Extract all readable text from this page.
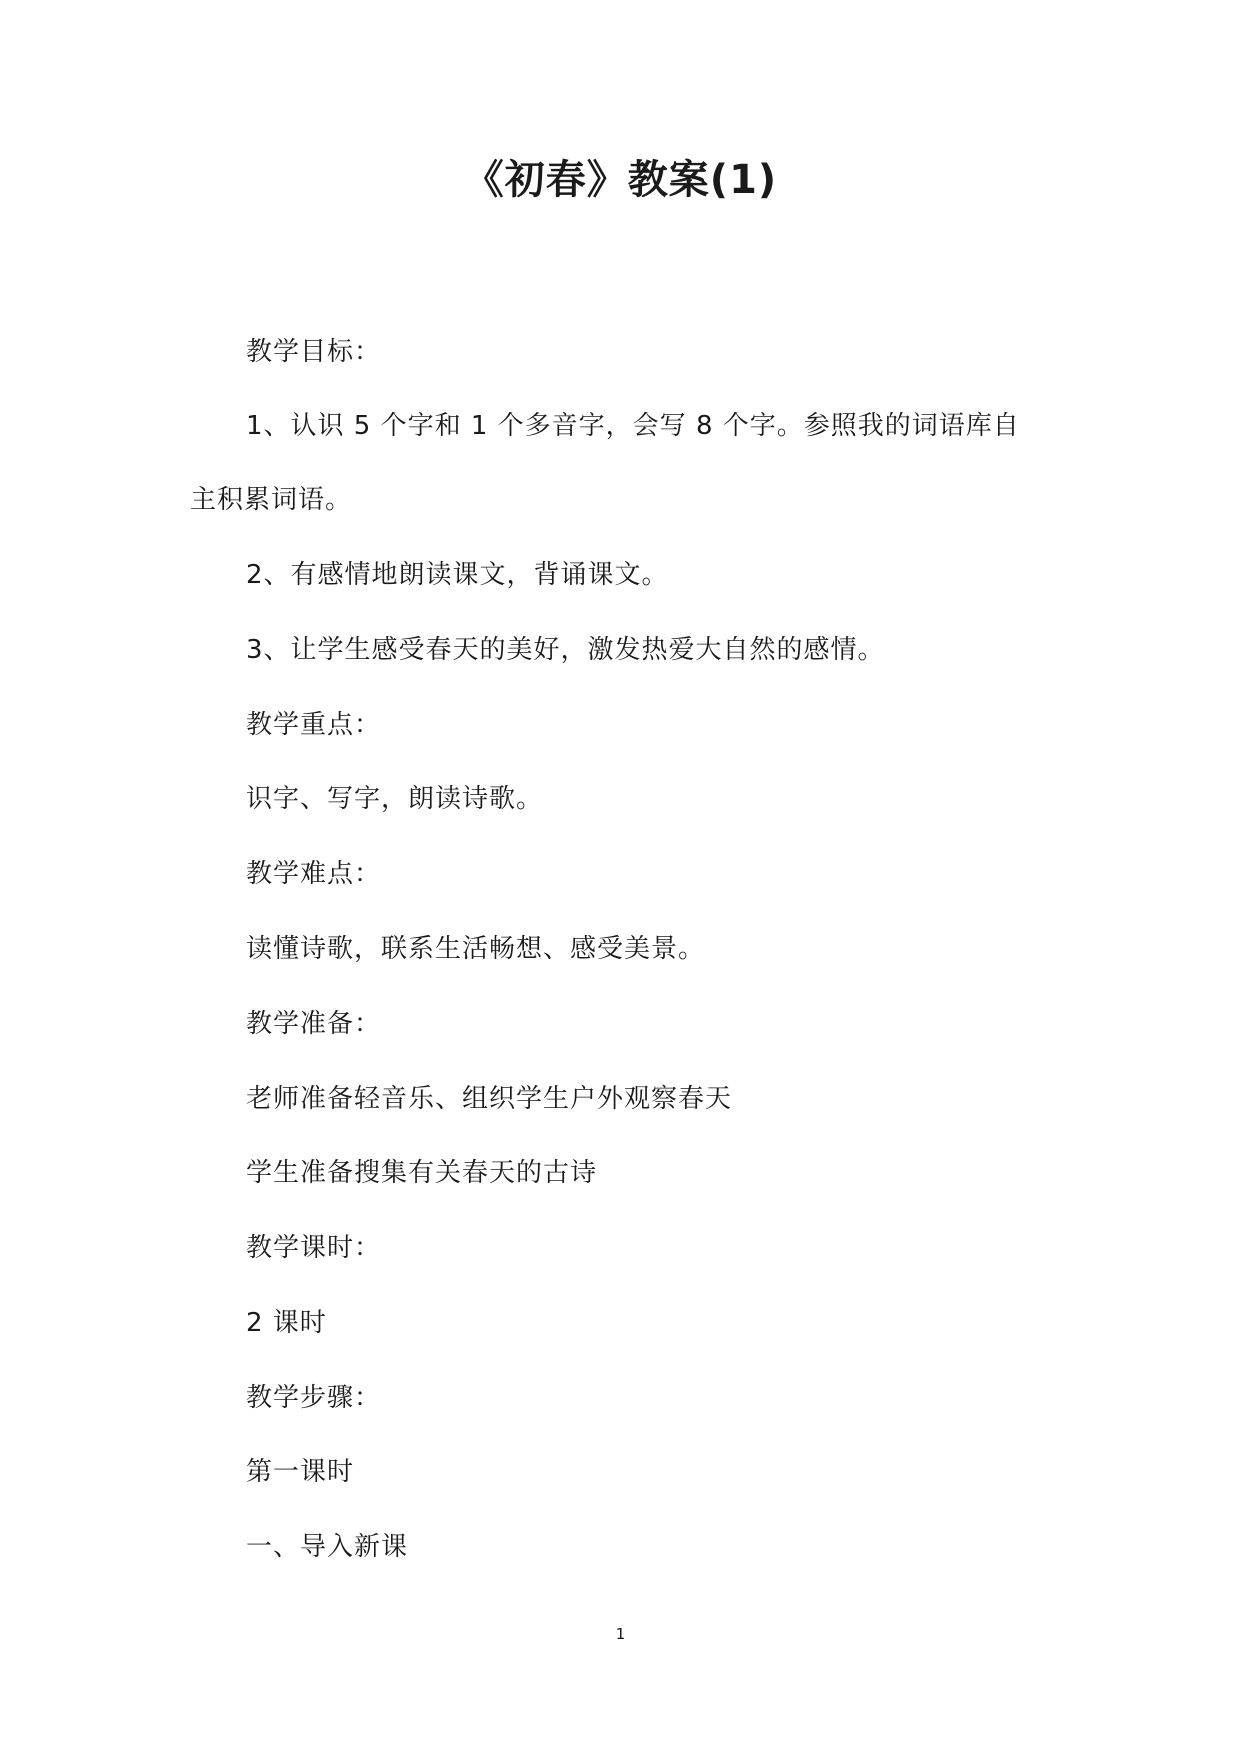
《初春》教案(1)
教学目标：
1、认识 5 个字和 1 个多音字，会写 8 个字。参照我的词语库自
主积累词语。
2、有感情地朗读课文，背诵课文。
3、让学生感受春天的美好，激发热爱大自然的感情。
教学重点：
识字、写字，朗读诗歌。
教学难点：
读懂诗歌，联系生活畅想、感受美景。
教学准备：
老师准备轻音乐、组织学生户外观察春天
学生准备搜集有关春天的古诗
教学课时：
2 课时
教学步骤：
第一课时
一、导入新课
1
